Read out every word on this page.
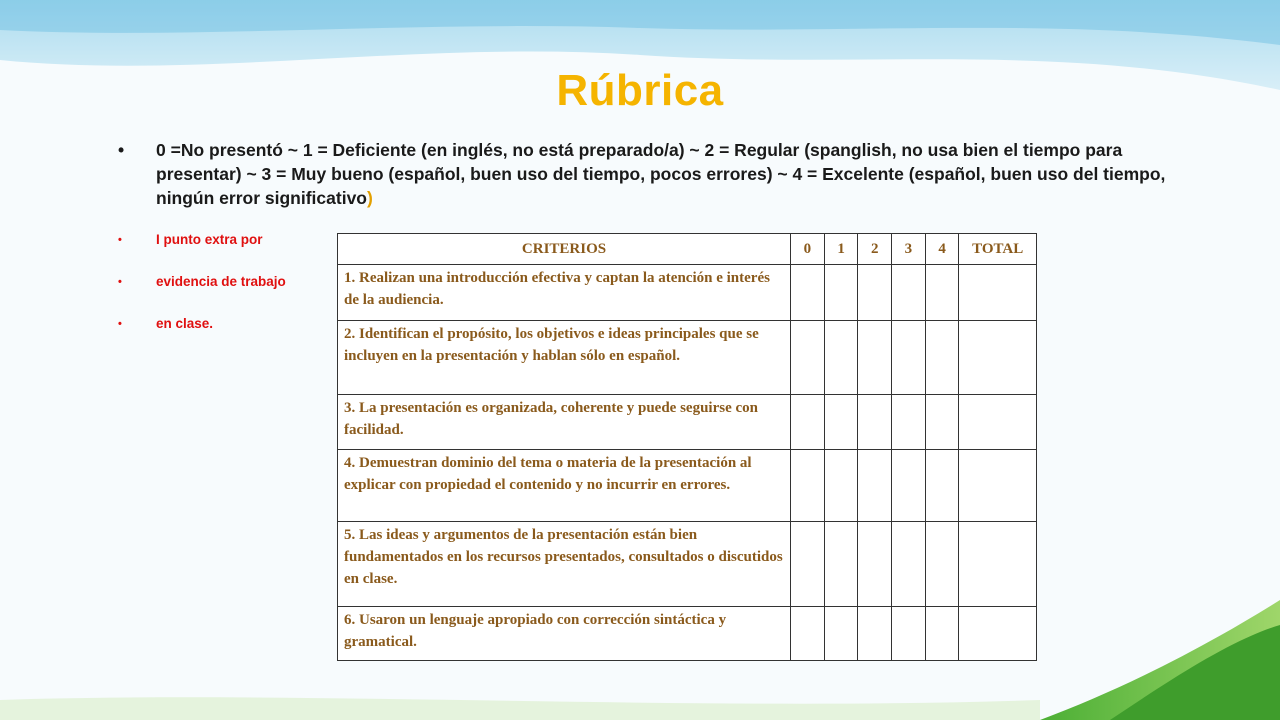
Rúbrica
• 0 =No presentó ~ 1 = Deficiente (en inglés, no está preparado/a) ~ 2 = Regular (spanglish, no usa bien el tiempo para presentar) ~ 3 = Muy bueno (español, buen uso del tiempo, pocos errores) ~ 4 = Excelente (español, buen uso del tiempo, ningún error significativo)
•	I punto extra por
•	evidencia de trabajo
•	en clase.
CRITERIOS	0	1	2	3	4	TOTAL
1. Realizan una introducción efectiva y captan la atención e interés de la audiencia.						
2. Identifican el propósito, los objetivos e ideas principales que se incluyen en la presentación y hablan sólo en español.						
3. La presentación es organizada, coherente y puede seguirse con facilidad.						
4. Demuestran dominio del tema o materia de la presentación al explicar con propiedad el contenido y no incurrir en errores.						
5. Las ideas y argumentos de la presentación están bien fundamentados en los recursos presentados, consultados o discutidos en clase.						
6. Usaron un lenguaje apropiado con corrección sintáctica y gramatical.						
